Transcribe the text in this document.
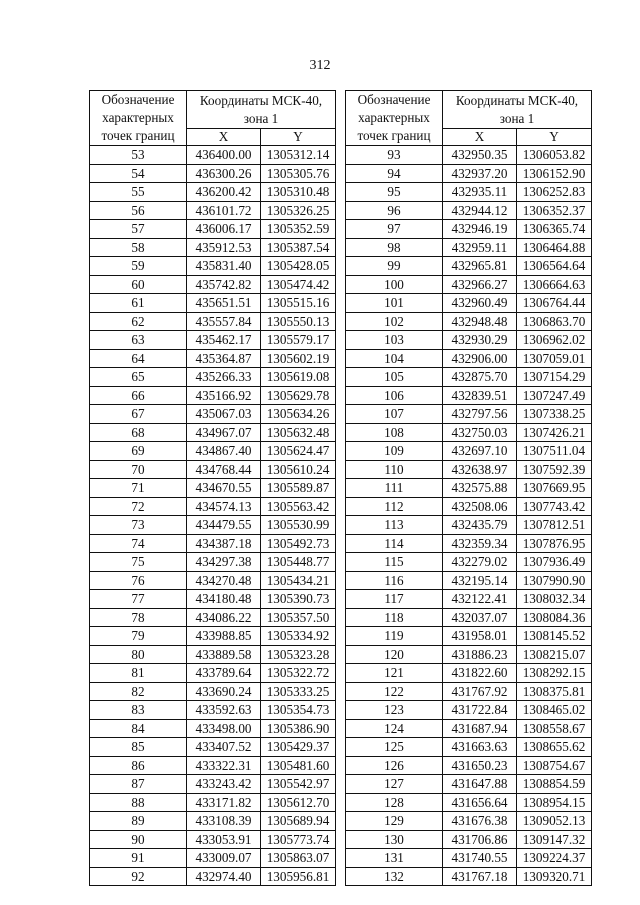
312
Обозначение
характерных
точек границ	Координаты МСК-40,
зона 1	
	X	Y
53	436400.00	1305312.14
54	436300.26	1305305.76
55	436200.42	1305310.48
56	436101.72	1305326.25
57	436006.17	1305352.59
58	435912.53	1305387.54
59	435831.40	1305428.05
60	435742.82	1305474.42
61	435651.51	1305515.16
62	435557.84	1305550.13
63	435462.17	1305579.17
64	435364.87	1305602.19
65	435266.33	1305619.08
66	435166.92	1305629.78
67	435067.03	1305634.26
68	434967.07	1305632.48
69	434867.40	1305624.47
70	434768.44	1305610.24
71	434670.55	1305589.87
72	434574.13	1305563.42
73	434479.55	1305530.99
74	434387.18	1305492.73
75	434297.38	1305448.77
76	434270.48	1305434.21
77	434180.48	1305390.73
78	434086.22	1305357.50
79	433988.85	1305334.92
80	433889.58	1305323.28
81	433789.64	1305322.72
82	433690.24	1305333.25
83	433592.63	1305354.73
84	433498.00	1305386.90
85	433407.52	1305429.37
86	433322.31	1305481.60
87	433243.42	1305542.97
88	433171.82	1305612.70
89	433108.39	1305689.94
90	433053.91	1305773.74
91	433009.07	1305863.07
92	432974.40	1305956.81
Обозначение
характерных
точек границ	Координаты МСК-40,
зона 1	
	X	Y
93	432950.35	1306053.82
94	432937.20	1306152.90
95	432935.11	1306252.83
96	432944.12	1306352.37
97	432946.19	1306365.74
98	432959.11	1306464.88
99	432965.81	1306564.64
100	432966.27	1306664.63
101	432960.49	1306764.44
102	432948.48	1306863.70
103	432930.29	1306962.02
104	432906.00	1307059.01
105	432875.70	1307154.29
106	432839.51	1307247.49
107	432797.56	1307338.25
108	432750.03	1307426.21
109	432697.10	1307511.04
110	432638.97	1307592.39
111	432575.88	1307669.95
112	432508.06	1307743.42
113	432435.79	1307812.51
114	432359.34	1307876.95
115	432279.02	1307936.49
116	432195.14	1307990.90
117	432122.41	1308032.34
118	432037.07	1308084.36
119	431958.01	1308145.52
120	431886.23	1308215.07
121	431822.60	1308292.15
122	431767.92	1308375.81
123	431722.84	1308465.02
124	431687.94	1308558.67
125	431663.63	1308655.62
126	431650.23	1308754.67
127	431647.88	1308854.59
128	431656.64	1308954.15
129	431676.38	1309052.13
130	431706.86	1309147.32
131	431740.55	1309224.37
132	431767.18	1309320.71
